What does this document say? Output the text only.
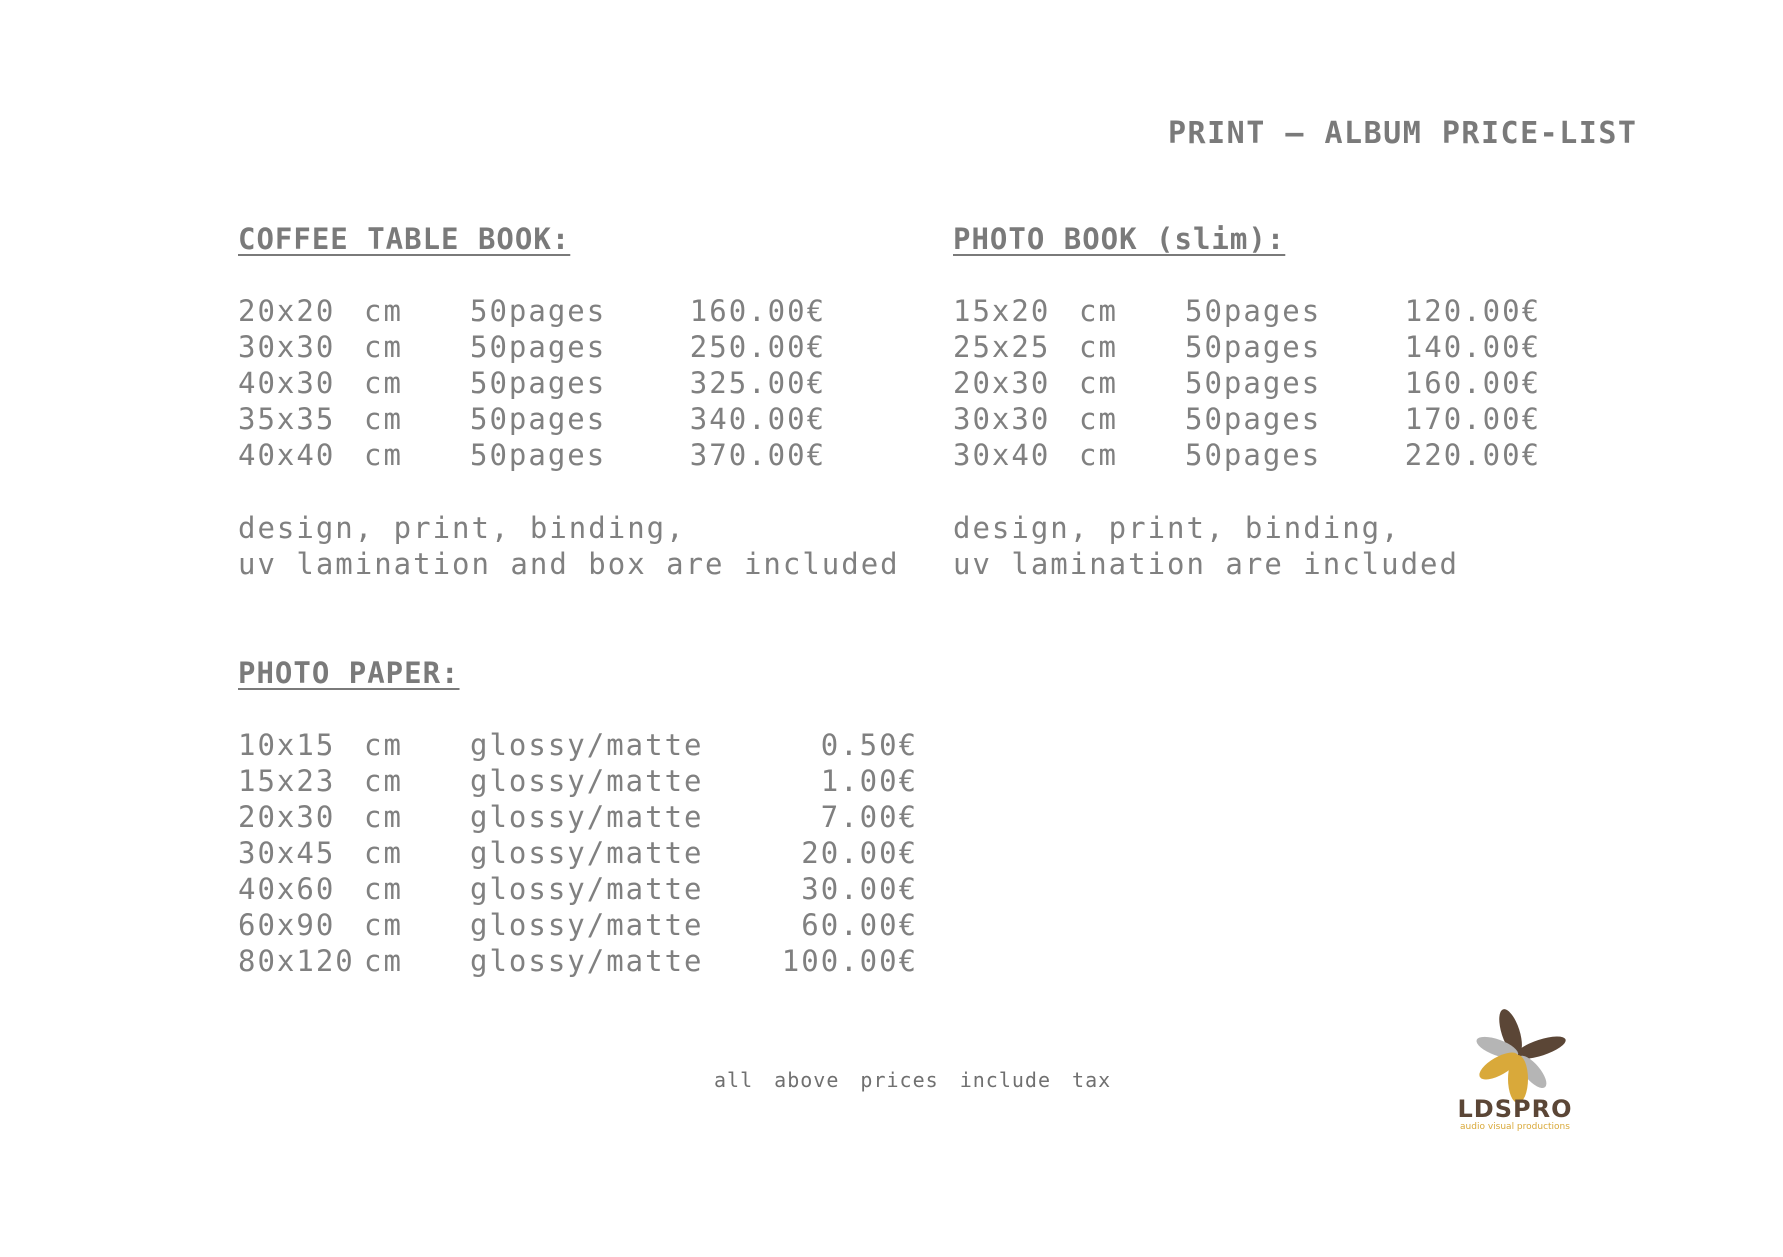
PRINT – ALBUM PRICE-LIST
COFFEE TABLE BOOK:
20x20 cm 50pages	160.00€
30x30 cm 50pages	250.00€
40x30 cm 50pages	325.00€
35x35 cm 50pages	340.00€
40x40 cm 50pages	370.00€
design, print, binding,
uv lamination and box are included
PHOTO BOOK (slim):
15x20 cm 50pages	120.00€
25x25 cm 50pages	140.00€
20x30 cm 50pages	160.00€
30x30 cm 50pages	170.00€
30x40 cm 50pages	220.00€
design, print, binding,
uv lamination are included
PHOTO PAPER:
10x15 cm glossy/matte	0.50€
15x23 cm glossy/matte	1.00€
20x30 cm glossy/matte	7.00€
30x45 cm glossy/matte	20.00€
40x60 cm glossy/matte	30.00€
60x90 cm glossy/matte	60.00€
80x120 cm glossy/matte	100.00€
all above prices include tax
LDSPRO
audio visual productions
